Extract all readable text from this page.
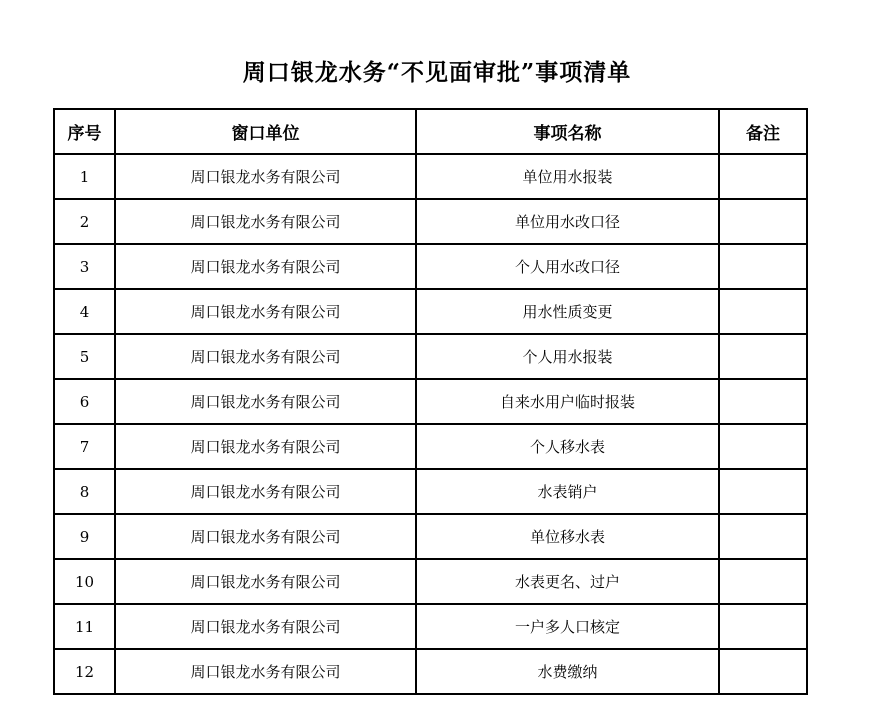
周口银龙水务“不见面审批”事项清单
序号	窗口单位	事项名称	备注
1	周口银龙水务有限公司	单位用水报装	
2	周口银龙水务有限公司	单位用水改口径	
3	周口银龙水务有限公司	个人用水改口径	
4	周口银龙水务有限公司	用水性质变更	
5	周口银龙水务有限公司	个人用水报装	
6	周口银龙水务有限公司	自来水用户临时报装	
7	周口银龙水务有限公司	个人移水表	
8	周口银龙水务有限公司	水表销户	
9	周口银龙水务有限公司	单位移水表	
10	周口银龙水务有限公司	水表更名、过户	
11	周口银龙水务有限公司	一户多人口核定	
12	周口银龙水务有限公司	水费缴纳	
